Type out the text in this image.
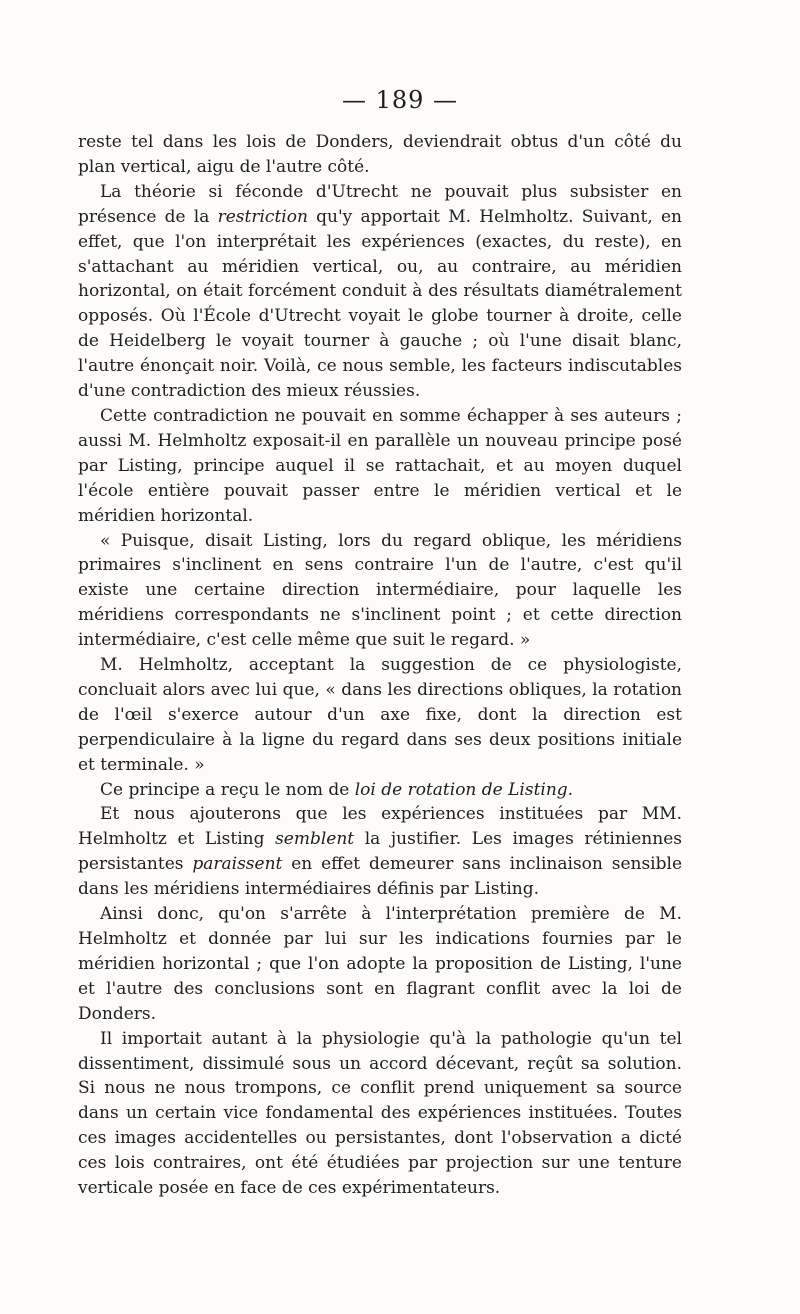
— 189 —

reste tel dans les lois de Donders, deviendrait obtus d'un côté du plan vertical, aigu de l'autre côté.

La théorie si féconde d'Utrecht ne pouvait plus subsister en présence de la restriction qu'y apportait M. Helmholtz. Suivant, en effet, que l'on interprétait les expériences (exactes, du reste), en s'attachant au méridien vertical, ou, au contraire, au méridien horizontal, on était forcément conduit à des résultats diamétralement opposés. Où l'École d'Utrecht voyait le globe tourner à droite, celle de Heidelberg le voyait tourner à gauche ; où l'une disait blanc, l'autre énonçait noir. Voilà, ce nous semble, les facteurs indiscutables d'une contradiction des mieux réussies.

Cette contradiction ne pouvait en somme échapper à ses auteurs ; aussi M. Helmholtz exposait-il en parallèle un nouveau principe posé par Listing, principe auquel il se rattachait, et au moyen duquel l'école entière pouvait passer entre le méridien vertical et le méridien horizontal.

« Puisque, disait Listing, lors du regard oblique, les méridiens primaires s'inclinent en sens contraire l'un de l'autre, c'est qu'il existe une certaine direction intermédiaire, pour laquelle les méridiens correspondants ne s'inclinent point ; et cette direction intermédiaire, c'est celle même que suit le regard. »

M. Helmholtz, acceptant la suggestion de ce physiologiste, concluait alors avec lui que, « dans les directions obliques, la rotation de l'œil s'exerce autour d'un axe fixe, dont la direction est perpendiculaire à la ligne du regard dans ses deux positions initiale et terminale. »

Ce principe a reçu le nom de loi de rotation de Listing.

Et nous ajouterons que les expériences instituées par MM. Helmholtz et Listing semblent la justifier. Les images rétiniennes persistantes paraissent en effet demeurer sans inclinaison sensible dans les méridiens intermédiaires définis par Listing.

Ainsi donc, qu'on s'arrête à l'interprétation première de M. Helmholtz et donnée par lui sur les indications fournies par le méridien horizontal ; que l'on adopte la proposition de Listing, l'une et l'autre des conclusions sont en flagrant conflit avec la loi de Donders.

Il importait autant à la physiologie qu'à la pathologie qu'un tel dissentiment, dissimulé sous un accord décevant, reçût sa solution. Si nous ne nous trompons, ce conflit prend uniquement sa source dans un certain vice fondamental des expériences instituées. Toutes ces images accidentelles ou persistantes, dont l'observation a dicté ces lois contraires, ont été étudiées par projection sur une tenture verticale posée en face de ces expérimentateurs.
